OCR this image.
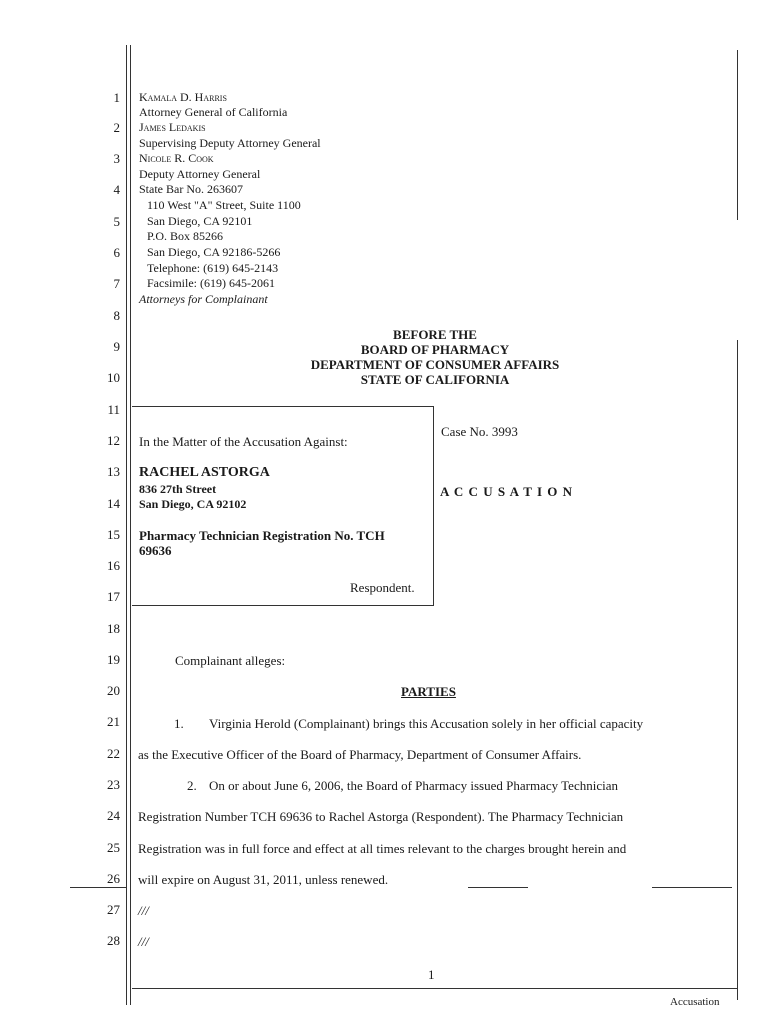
1
2
3
4
5
6
7
8
9
10
11
12
13
14
15
16
17
18
19
20
21
22
23
24
25
26
27
28
Kamala D. Harris
Attorney General of California
James Ledakis
Supervising Deputy Attorney General
Nicole R. Cook
Deputy Attorney General
State Bar No. 263607
110 West "A" Street, Suite 1100
San Diego, CA 92101
P.O. Box 85266
San Diego, CA 92186-5266
Telephone: (619) 645-2143
Facsimile: (619) 645-2061
Attorneys for Complainant
BEFORE THE
BOARD OF PHARMACY
DEPARTMENT OF CONSUMER AFFAIRS
STATE OF CALIFORNIA
In the Matter of the Accusation Against:
RACHEL ASTORGA
836 27th Street
San Diego, CA 92102
Pharmacy Technician Registration No. TCH
69636
Respondent.
Case No. 3993
A C C U S A T I O N
Complainant alleges:
PARTIES
1. Virginia Herold (Complainant) brings this Accusation solely in her official capacity
as the Executive Officer of the Board of Pharmacy, Department of Consumer Affairs.
2. On or about June 6, 2006, the Board of Pharmacy issued Pharmacy Technician
Registration Number TCH 69636 to Rachel Astorga (Respondent). The Pharmacy Technician
Registration was in full force and effect at all times relevant to the charges brought herein and
will expire on August 31, 2011, unless renewed.
///
///
1
Accusation
